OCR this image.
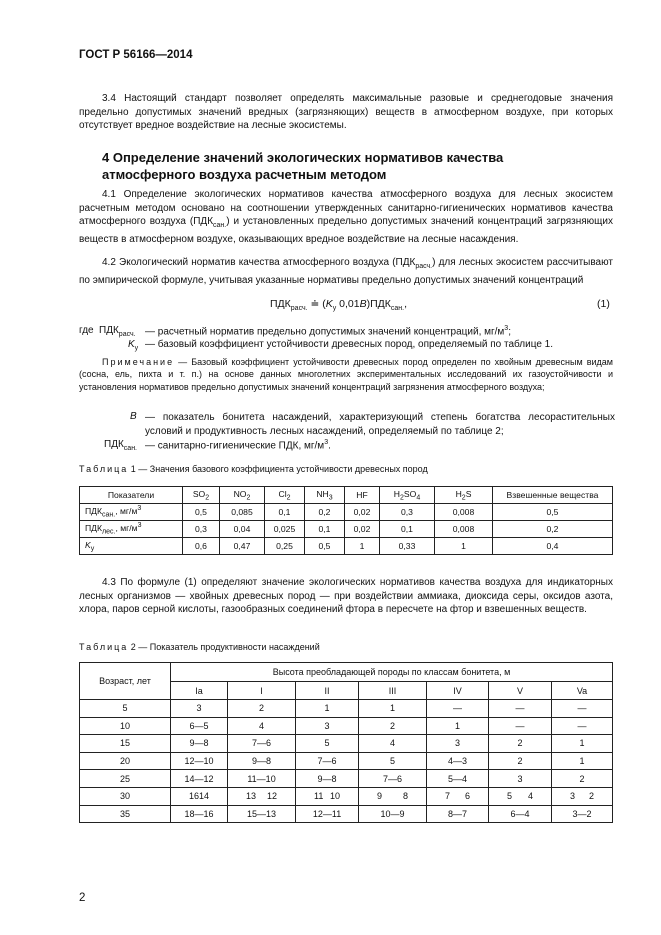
ГОСТ Р 56166—2014
3.4 Настоящий стандарт позволяет определять максимальные разовые и среднегодовые значения предельно допустимых значений вредных (загрязняющих) веществ в атмосферном воздухе, при которых отсутствует вредное воздействие на лесные экосистемы.
4 Определение значений экологических нормативов качества атмосферного воздуха расчетным методом
4.1 Определение экологических нормативов качества атмосферного воздуха для лесных экосистем расчетным методом основано на соотношении утвержденных санитарно-гигиенических нормативов качества атмосферного воздуха $(ПДК_{сан.})$ и установленных предельно допустимых значений концентраций загрязняющих веществ в атмосферном воздухе, оказывающих вредное воздействие на лесные насаждения.
4.2 Экологический норматив качества атмосферного воздуха $(ПДК_{расч.})$ для лесных экосистем рассчитывают по эмпирической формуле, учитывая указанные нормативы предельно допустимых значений концентраций
$ПДК_{расч.}$ ≐ ($K_у$ $0,01B)ПДК_{сан.}$,	(1)
где $ПДК_{расч.}$ — расчетный норматив предельно допустимых значений концентраций, $мг/м^3$;
$K_у$ — базовый коэффициент устойчивости древесных пород, определяемый по таблице 1.
Примечание — Базовый коэффициент устойчивости древесных пород определен по хвойным древесным видам (сосна, ель, пихта и т. п.) на основе данных многолетних экспериментальных исследований их газоустойчивости и установления нормативов предельно допустимых значений концентраций загрязнения атмосферного воздуха;
B — показатель бонитета насаждений, характеризующий степень богатства лесорастительных условий и продуктивность лесных насаждений, определяемый по таблице 2;
$ПДК_{сан.}$ — санитарно-гигиенические ПДК, $мг/м^3$.
Таблица 1 — Значения базового коэффициента устойчивости древесных пород
Показатели	$SO_2$	$NO_2$	$Cl_2$	$NH_3$	HF	$H_2SO_4$	$H_2S$	Взвешенные вещества
$ПДК_{сан.}$, $мг/м^3$	0,5	0,085	0,1	0,2	0,02	0,3	0,008	0,5
$ПДК_{лес.}$, $мг/м^3$	0,3	0,04	0,025	0,1	0,02	0,1	0,008	0,2
$K_у$	0,6	0,47	0,25	0,5	1	0,33	1	0,4
4.3 По формуле (1) определяют значение экологических нормативов качества воздуха для индикаторных лесных организмов — хвойных древесных пород — при воздействии аммиака, диоксида серы, оксидов азота, хлора, паров серной кислоты, газообразных соединений фтора в пересчете на фтор и взвешенных веществ.
Таблица 2 — Показатель продуктивности насаждений
Возраст, лет	Высота преобладающей породы по классам бонитета, м						
	Ia	I	II	III	IV	V	Va
5	3	2	1	1	—	—	—
10	6—5	4	3	2	1	—	—
15	9—8	7—6	5	4	3	2	1
20	12—10	9—8	7—6	5	4—3	2	1
25	14—12	11—10	9—8	7—6	5—4	3	2
30	16 14	13 12	11 10	9 8	7 6	5 4	3 2

35	18—16	15—13	12—11	10—9	8—7	6—4	3—2
2
